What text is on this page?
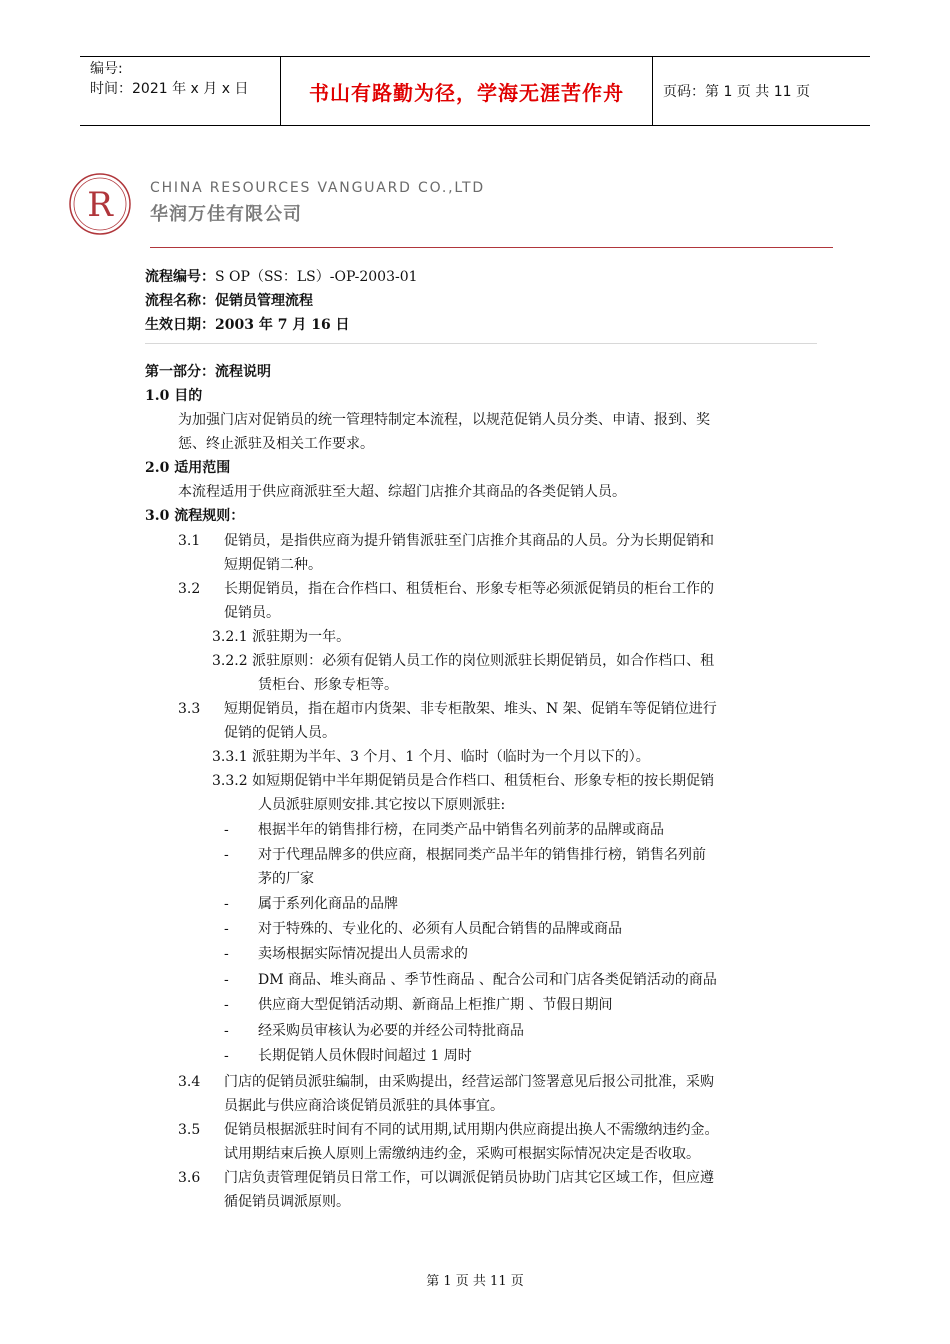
编号:
时间：2021 年 x 月 x 日	书山有路勤为径，学海无涯苦作舟	页码：第 1 页 共 11 页
R	CHINA RESOURCES VANGUARD CO.,LTD
华润万佳有限公司
流程编号：S OP（SS：LS）-OP-2003-01
流程名称：促销员管理流程
生效日期：2003 年 7 月 16 日
第一部分：流程说明
1.0 目的
为加强门店对促销员的统一管理特制定本流程，以规范促销人员分类、申请、报到、奖
惩、终止派驻及相关工作要求。
2.0 适用范围
本流程适用于供应商派驻至大超、综超门店推介其商品的各类促销人员。
3.0 流程规则：
3.1 促销员，是指供应商为提升销售派驻至门店推介其商品的人员。分为长期促销和
短期促销二种。
3.2 长期促销员，指在合作档口、租赁柜台、形象专柜等必须派促销员的柜台工作的
促销员。
3.2.1 派驻期为一年。
3.2.2 派驻原则：必须有促销人员工作的岗位则派驻长期促销员，如合作档口、租
赁柜台、形象专柜等。
3.3 短期促销员，指在超市内货架、非专柜散架、堆头、N 架、促销车等促销位进行
促销的促销人员。
3.3.1 派驻期为半年、3 个月、1 个月、临时（临时为一个月以下的）。
3.3.2 如短期促销中半年期促销员是合作档口、租赁柜台、形象专柜的按长期促销
人员派驻原则安排.其它按以下原则派驻:
- 根据半年的销售排行榜，在同类产品中销售名列前茅的品牌或商品
- 对于代理品牌多的供应商，根据同类产品半年的销售排行榜，销售名列前
茅的厂家
- 属于系列化商品的品牌
- 对于特殊的、专业化的、必须有人员配合销售的品牌或商品
- 卖场根据实际情况提出人员需求的
- DM 商品、堆头商品 、季节性商品 、配合公司和门店各类促销活动的商品
- 供应商大型促销活动期、新商品上柜推广期 、节假日期间
- 经采购员审核认为必要的并经公司特批商品
- 长期促销人员休假时间超过 1 周时
3.4 门店的促销员派驻编制，由采购提出，经营运部门签署意见后报公司批准，采购
员据此与供应商洽谈促销员派驻的具体事宜。
3.5 促销员根据派驻时间有不同的试用期,试用期内供应商提出换人不需缴纳违约金。
试用期结束后换人原则上需缴纳违约金，采购可根据实际情况决定是否收取。
3.6 门店负责管理促销员日常工作，可以调派促销员协助门店其它区域工作，但应遵
循促销员调派原则。
第 1 页 共 11 页
